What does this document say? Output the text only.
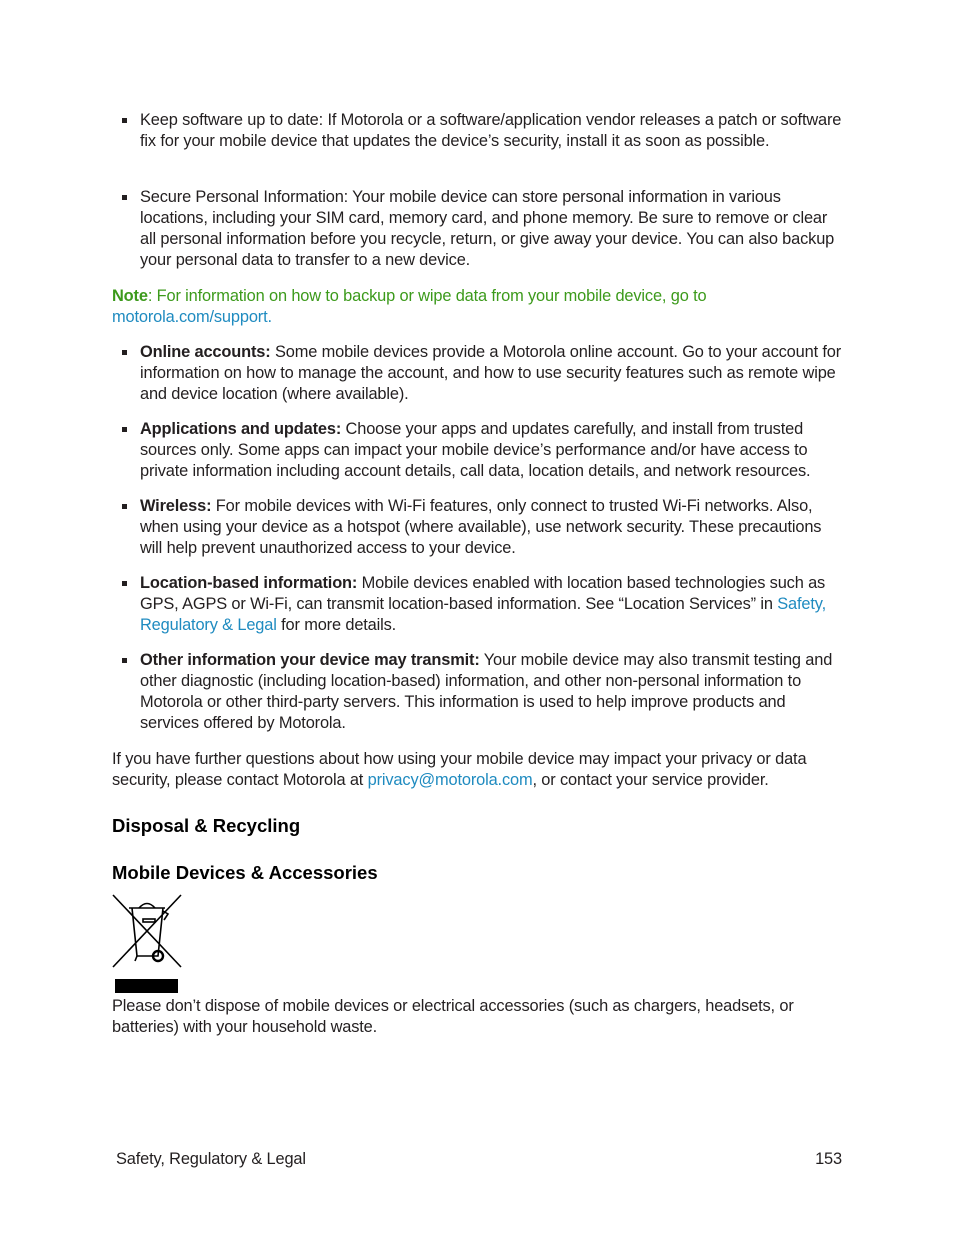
Keep software up to date: If Motorola or a software/application vendor releases a patch or software fix for your mobile device that updates the device’s security, install it as soon as possible.
Secure Personal Information: Your mobile device can store personal information in various locations, including your SIM card, memory card, and phone memory. Be sure to remove or clear all personal information before you recycle, return, or give away your device. You can also backup your personal data to transfer to a new device.
Note: For information on how to backup or wipe data from your mobile device, go to motorola.com/support.
Online accounts: Some mobile devices provide a Motorola online account. Go to your account for information on how to manage the account, and how to use security features such as remote wipe and device location (where available).
Applications and updates: Choose your apps and updates carefully, and install from trusted sources only. Some apps can impact your mobile device’s performance and/or have access to private information including account details, call data, location details, and network resources.
Wireless: For mobile devices with Wi-Fi features, only connect to trusted Wi-Fi networks. Also, when using your device as a hotspot (where available), use network security. These precautions will help prevent unauthorized access to your device.
Location-based information: Mobile devices enabled with location based technologies such as GPS, AGPS or Wi-Fi, can transmit location-based information. See “Location Services” in Safety, Regulatory & Legal for more details.
Other information your device may transmit: Your mobile device may also transmit testing and other diagnostic (including location-based) information, and other non-personal information to Motorola or other third-party servers. This information is used to help improve products and services offered by Motorola.
If you have further questions about how using your mobile device may impact your privacy or data security, please contact Motorola at privacy@motorola.com, or contact your service provider.
Disposal & Recycling
Mobile Devices & Accessories
Please don’t dispose of mobile devices or electrical accessories (such as chargers, headsets, or batteries) with your household waste.
Safety, Regulatory & Legal	153
